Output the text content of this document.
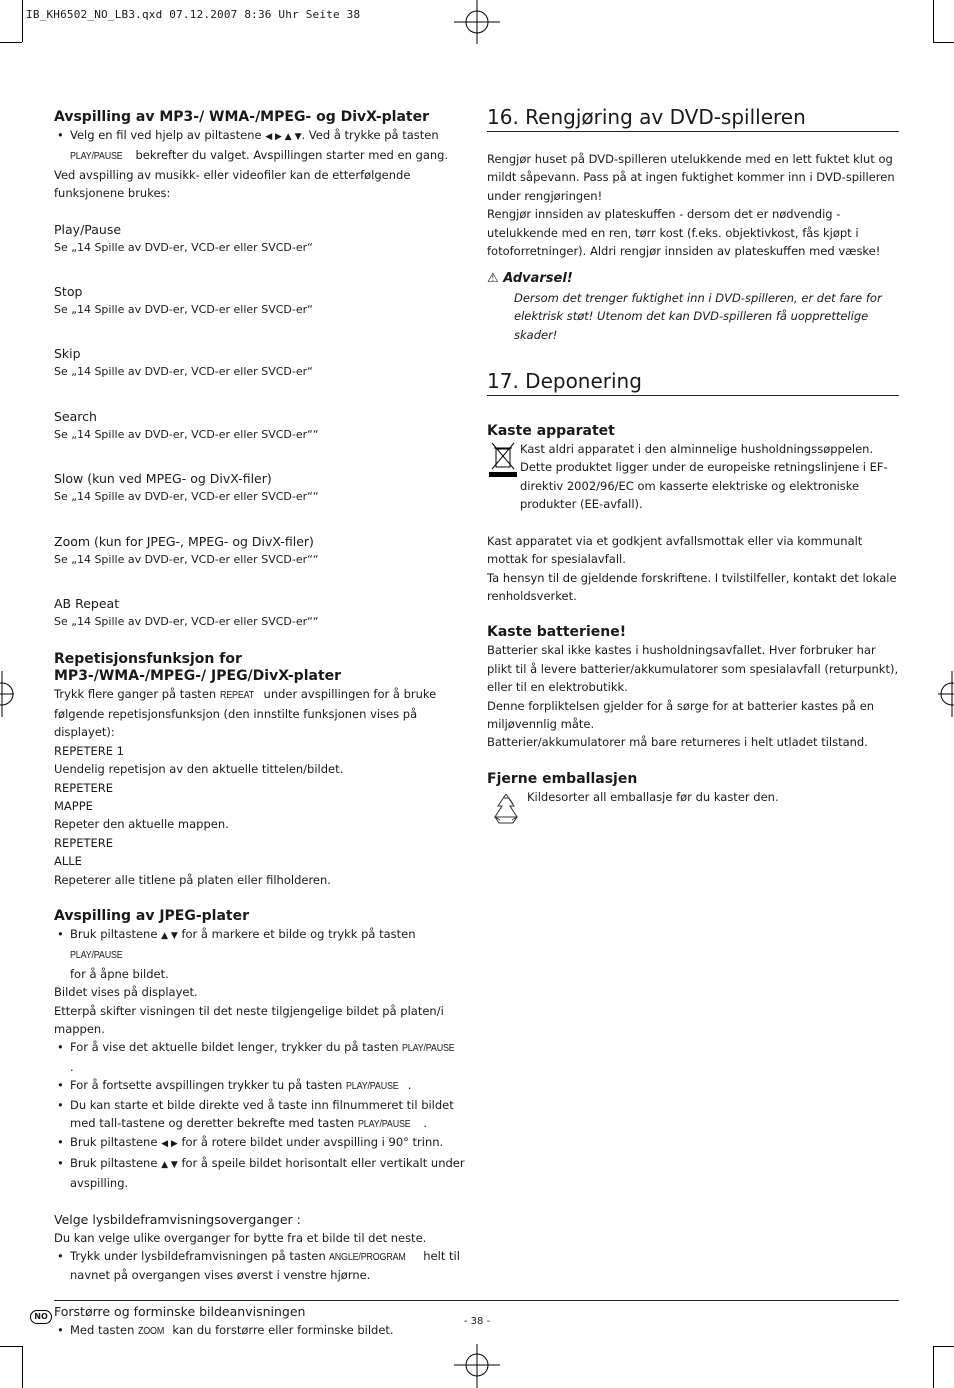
IB_KH6502_NO_LB3.qxd 07.12.2007 8:36 Uhr Seite 38
Avspilling av MP3-/ WMA-/MPEG- og DivX-plater
• Velg en fil ved hjelp av piltastene ◀ ▶ ▲ ▼. Ved å trykke på tasten
PLAY/PAUSE bekrefter du valget. Avspillingen starter med en gang.

Ved avspilling av musikk- eller videofiler kan de etterfølgende funksjonene brukes:

Play/Pause
Se „14 Spille av DVD-er, VCD-er eller SVCD-er“
Stop
Se „14 Spille av DVD-er, VCD-er eller SVCD-er“
Skip
Se „14 Spille av DVD-er, VCD-er eller SVCD-er“
Search
Se „14 Spille av DVD-er, VCD-er eller SVCD-er““
Slow (kun ved MPEG- og DivX-filer)
Se „14 Spille av DVD-er, VCD-er eller SVCD-er““
Zoom (kun for JPEG-, MPEG- og DivX-filer)
Se „14 Spille av DVD-er, VCD-er eller SVCD-er““
AB Repeat
Se „14 Spille av DVD-er, VCD-er eller SVCD-er““
Repetisjonsfunksjon for MP3-/WMA-/MPEG-/ JPEG/DivX-plater

Trykk flere ganger på tasten REPEAT under avspillingen for å bruke følgende repetisjonsfunksjon (den innstilte funksjonen vises på displayet):

REPETERE 1
Uendelig repetisjon av den aktuelle tittelen/bildet.
REPETERE
MAPPE
Repeter den aktuelle mappen.
REPETERE
ALLE
Repeterer alle titlene på platen eller filholderen.
Avspilling av JPEG-plater
• Bruk piltastene ▲ ▼ for å markere et bilde og trykk på tasten PLAY/PAUSE
for å åpne bildet.

Bildet vises på displayet.

Etterpå skifter visningen til det neste tilgjengelige bildet på platen/i mappen.

• For å vise det aktuelle bildet lenger, trykker du på tasten PLAY/PAUSE.
• For å fortsette avspillingen trykker tu på tasten PLAY/PAUSE .
• Du kan starte et bilde direkte ved å taste inn filnummeret til bildet med tall-tastene og deretter bekrefte med tasten PLAY/PAUSE .
• Bruk piltastene ◀ ▶ for å rotere bildet under avspilling i 90° trinn.
• Bruk piltastene ▲ ▼ for å speile bildet horisontalt eller vertikalt under avspilling.
Velge lysbildeframvisningsoverganger :

Du kan velge ulike overganger for bytte fra et bilde til det neste.

• Trykk under lysbildeframvisningen på tasten ANGLE/PROGRAM helt til navnet på overgangen vises øverst i venstre hjørne.
Forstørre og forminske bildeanvisningen
• Med tasten ZOOM kan du forstørre eller forminske bildet.
16. Rengjøring av DVD-spilleren

Rengjør huset på DVD-spilleren utelukkende med en lett fuktet klut og mildt såpevann. Pass på at ingen fuktighet kommer inn i DVD-spilleren under rengjøringen!

Rengjør innsiden av plateskuffen - dersom det er nødvendig - utelukkende med en ren, tørr kost (f.eks. objektivkost, fås kjøpt i fotoforretninger). Aldri rengjør innsiden av plateskuffen med væske!

⚠ Advarsel!

Dersom det trenger fuktighet inn i DVD-spilleren, er det fare for elektrisk støt! Utenom det kan DVD-spilleren få uopprettelige skader!

17. Deponering
Kaste apparatet

Kast aldri apparatet i den alminnelige husholdningssøppelen.

Dette produktet ligger under de europeiske retningslinjene i EF-direktiv 2002/96/EC om kasserte elektriske og elektroniske produkter (EE-avfall).

Kast apparatet via et godkjent avfallsmottak eller via kommunalt mottak for spesialavfall.

Ta hensyn til de gjeldende forskriftene. I tvilstilfeller, kontakt det lokale renholdsverket.

Kaste batteriene!

Batterier skal ikke kastes i husholdningsavfallet. Hver forbruker har plikt til å levere batterier/akkumulatorer som spesialavfall (returpunkt), eller til en elektrobutikk.

Denne forpliktelsen gjelder for å sørge for at batterier kastes på en miljøvennlig måte.

Batterier/akkumulatorer må bare returneres i helt utladet tilstand.

Fjerne emballasjen

Kildesorter all emballasje før du kaster den.

NO	- 38 -
